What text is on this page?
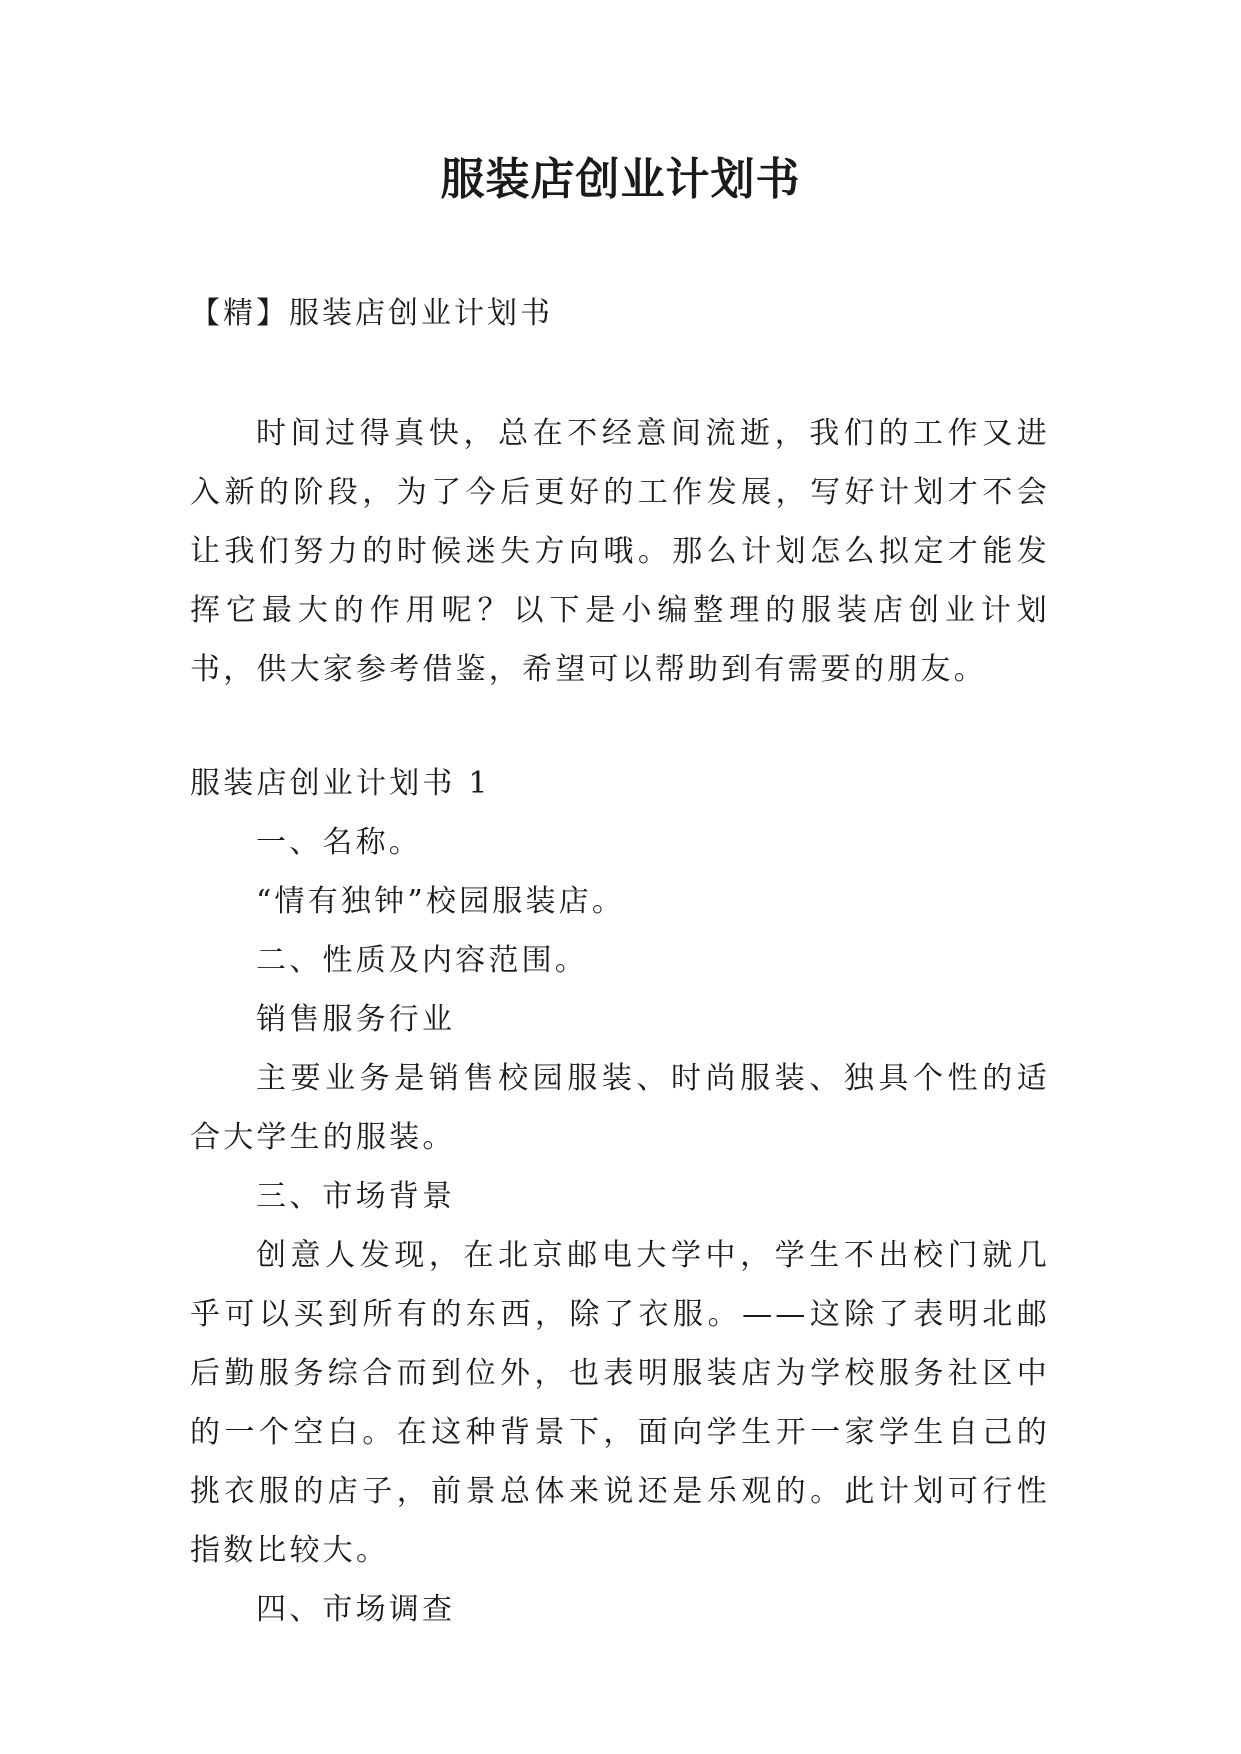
服装店创业计划书

【精】服装店创业计划书

时间过得真快，总在不经意间流逝，我们的工作又进入新的阶段，为了今后更好的工作发展，写好计划才不会让我们努力的时候迷失方向哦。那么计划怎么拟定才能发挥它最大的作用呢？以下是小编整理的服装店创业计划书，供大家参考借鉴，希望可以帮助到有需要的朋友。

服装店创业计划书 1

一、名称。

“情有独钟”校园服装店。

二、性质及内容范围。

销售服务行业

主要业务是销售校园服装、时尚服装、独具个性的适合大学生的服装。

三、市场背景

创意人发现，在北京邮电大学中，学生不出校门就几乎可以买到所有的东西，除了衣服。——这除了表明北邮后勤服务综合而到位外，也表明服装店为学校服务社区中的一个空白。在这种背景下，面向学生开一家学生自己的挑衣服的店子，前景总体来说还是乐观的。此计划可行性指数比较大。

四、市场调查
